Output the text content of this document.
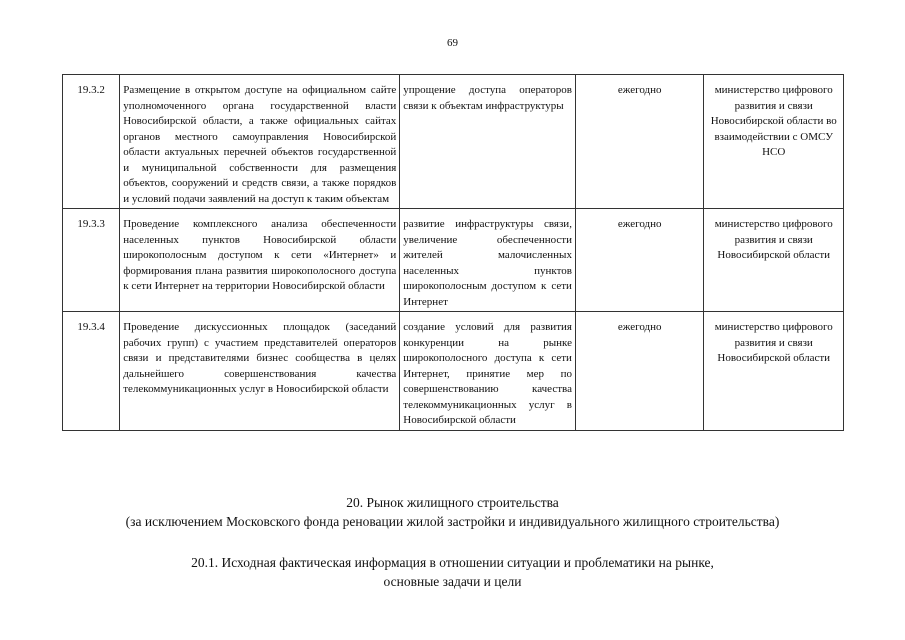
69
19.3.2	Размещение в открытом доступе на официальном сайте уполномоченного органа государственной власти Новосибирской области, а также официальных сайтах органов местного самоуправления Новосибирской области актуальных перечней объектов государственной и муниципальной собственности для размещения объектов, сооружений и средств связи, а также порядков и условий подачи заявлений на доступ к таким объектам	упрощение доступа операторов связи к объектам инфраструктуры	ежегодно	министерство цифрового развития и связи Новосибирской области во взаимодействии с ОМСУ НСО
19.3.3	Проведение комплексного анализа обеспеченности населенных пунктов Новосибирской области широкополосным доступом к сети «Интернет» и формирования плана развития широкополосного доступа к сети Интернет на территории Новосибирской области	развитие инфраструктуры связи, увеличение обеспеченности жителей малочисленных населенных пунктов широкополосным доступом к сети Интернет	ежегодно	министерство цифрового развития и связи Новосибирской области
19.3.4	Проведение дискуссионных площадок (заседаний рабочих групп) с участием представителей операторов связи и представителями бизнес сообщества в целях дальнейшего совершенствования качества телекоммуникационных услуг в Новосибирской области	создание условий для развития конкуренции на рынке широкополосного доступа к сети Интернет, принятие мер по совершенствованию качества телекоммуникационных услуг в Новосибирской области	ежегодно	министерство цифрового развития и связи Новосибирской области
20. Рынок жилищного строительства
(за исключением Московского фонда реновации жилой застройки и индивидуального жилищного строительства)
20.1. Исходная фактическая информация в отношении ситуации и проблематики на рынке,
основные задачи и цели
